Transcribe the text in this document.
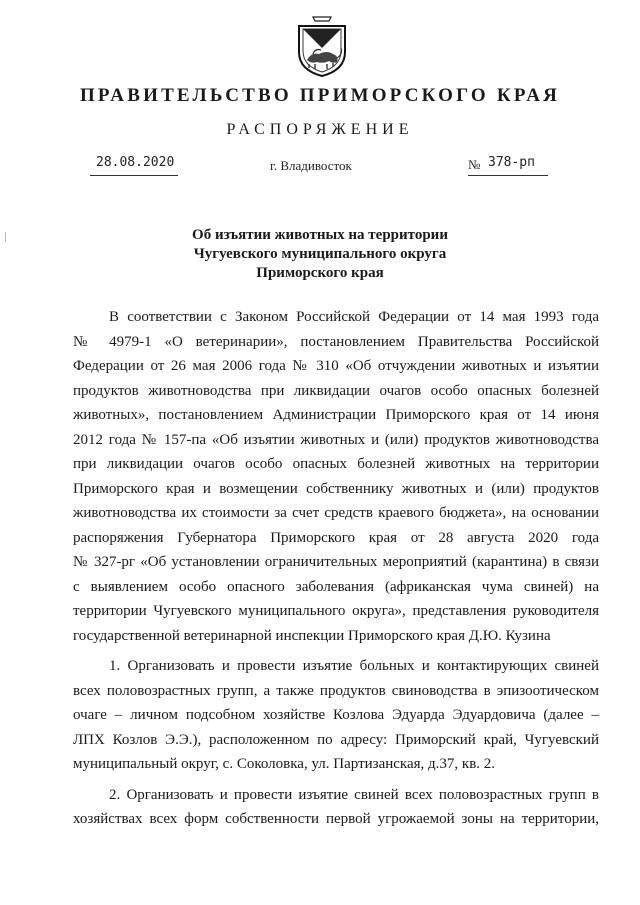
ПРАВИТЕЛЬСТВО ПРИМОРСКОГО КРАЯ
РАСПОРЯЖЕНИЕ
28.08.2020	г. Владивосток	№ 378-рп
Об изъятии животных на территории
Чугуевского муниципального округа
Приморского края
В соответствии с Законом Российской Федерации от 14 мая 1993 года
№ 4979-1 «О ветеринарии», постановлением Правительства Российской
Федерации от 26 мая 2006 года № 310 «Об отчуждении животных и изъятии
продуктов животноводства при ликвидации очагов особо опасных болезней
животных», постановлением Администрации Приморского края от 14 июня
2012 года № 157-па «Об изъятии животных и (или) продуктов животноводства
при ликвидации очагов особо опасных болезней животных на территории
Приморского края и возмещении собственнику животных и (или) продуктов
животноводства их стоимости за счет средств краевого бюджета», на основании
распоряжения Губернатора Приморского края от 28 августа 2020 года
№ 327-рг «Об установлении ограничительных мероприятий (карантина) в связи
с выявлением особо опасного заболевания (африканская чума свиней) на
территории Чугуевского муниципального округа», представления руководителя
государственной ветеринарной инспекции Приморского края Д.Ю. Кузина
1. Организовать и провести изъятие больных и контактирующих свиней
всех половозрастных групп, а также продуктов свиноводства в эпизоотическом
очаге – личном подсобном хозяйстве Козлова Эдуарда Эдуардовича (далее –
ЛПХ Козлов Э.Э.), расположенном по адресу: Приморский край, Чугуевский
муниципальный округ, с. Соколовка, ул. Партизанская, д.37, кв. 2.
2. Организовать и провести изъятие свиней всех половозрастных групп в
хозяйствах всех форм собственности первой угрожаемой зоны на территории,
